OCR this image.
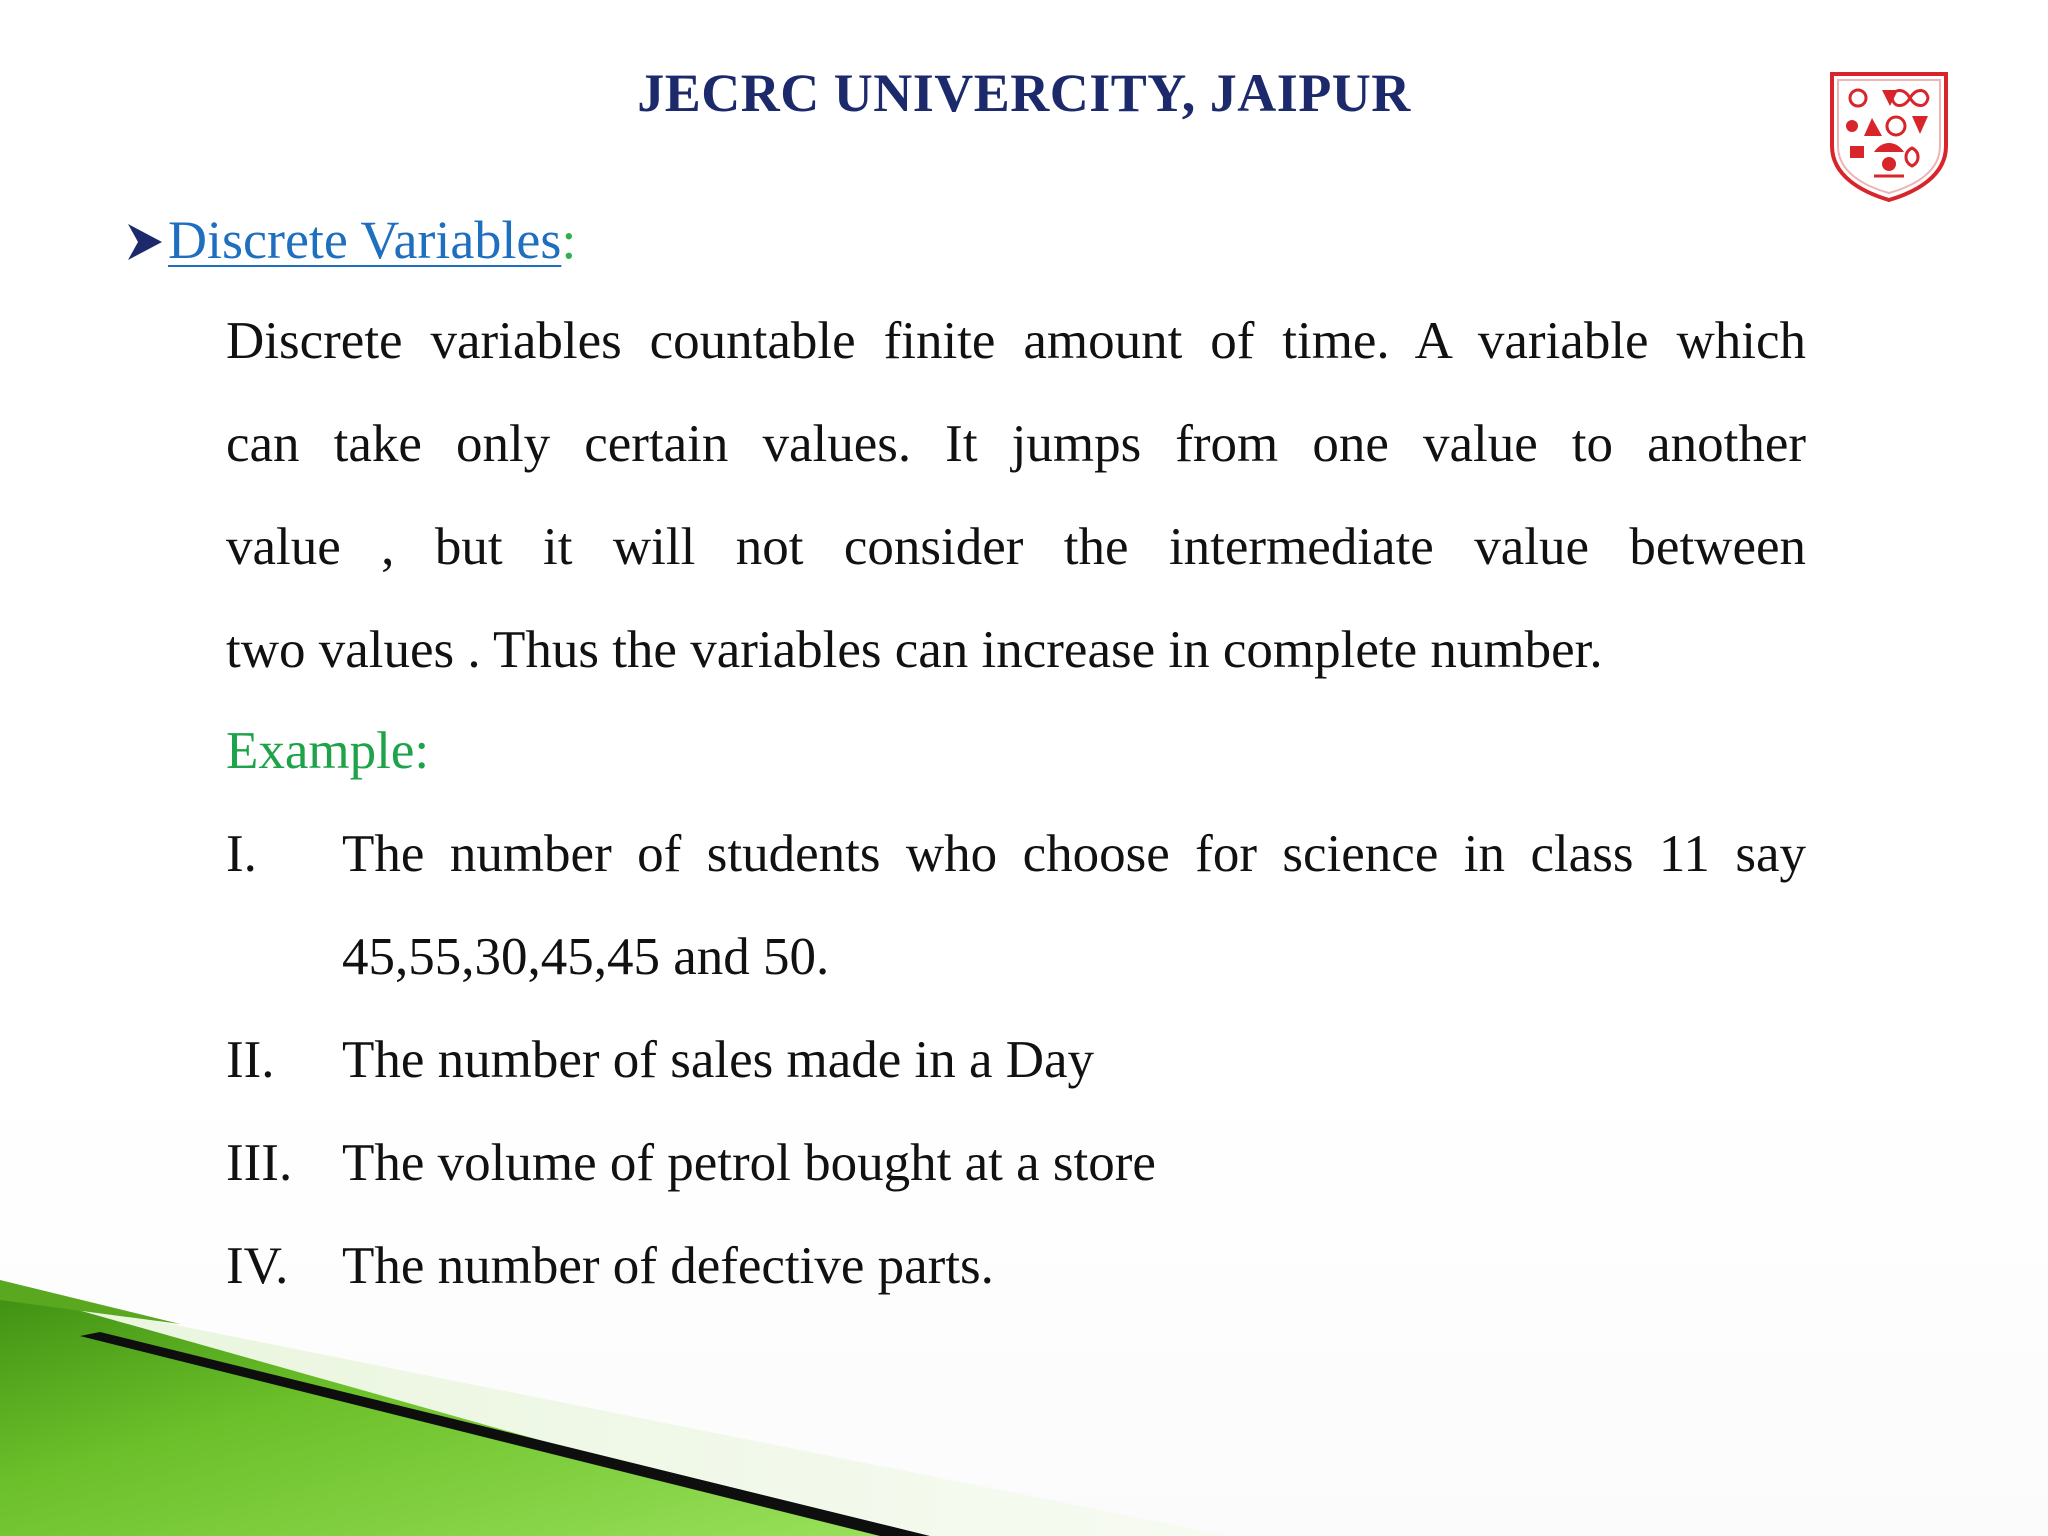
JECRC UNIVERCITY, JAIPUR
Discrete Variables:
Discrete variables countable finite amount of time. A variable which
can take only certain values. It jumps from one value to another
value , but it will not consider the intermediate value between
two values . Thus the variables can increase in complete number.
Example:
I. The number of students who choose for science in class 11 say
45,55,30,45,45 and 50.
II. The number of sales made in a Day
III. The volume of petrol bought at a store
IV. The number of defective parts.
